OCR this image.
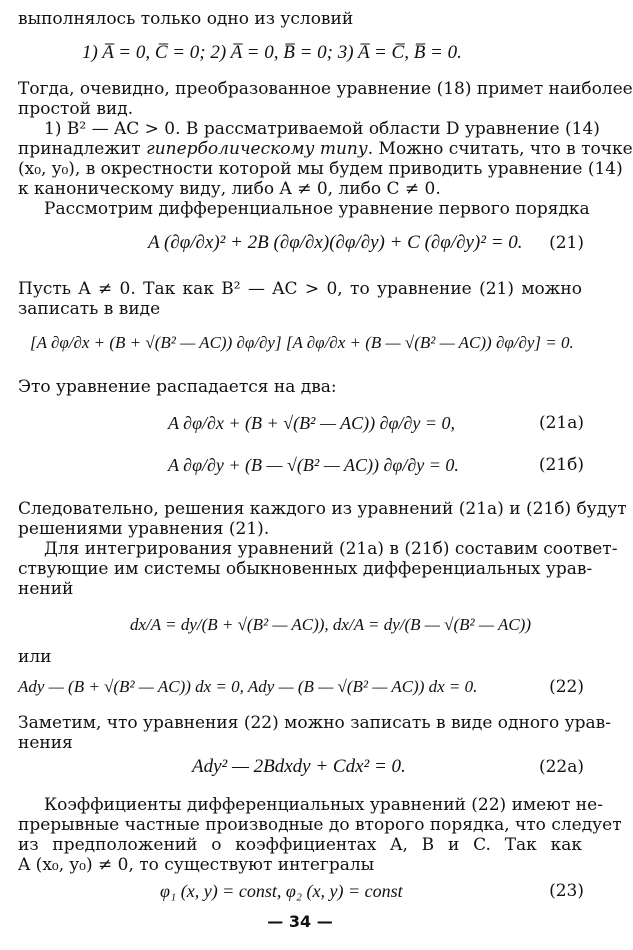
выполнялось только одно из условий
1) A̅ = 0, C̅ = 0; 2) A̅ = 0, B̅ = 0; 3) A̅ = C̅, B̅ = 0.
Тогда, очевидно, преобразованное уравнение (18) примет наиболее
простой вид.
1) B² — AC > 0. В рассматриваемой области D уравнение (14)
принадлежит гиперболическому типу. Можно считать, что в точке
(x₀, y₀), в окрестности которой мы будем приводить уравнение (14)
к каноническому виду, либо A ≠ 0, либо C ≠ 0.
Рассмотрим дифференциальное уравнение первого порядка
A (∂φ/∂x)² + 2B (∂φ/∂x)(∂φ/∂y) + C (∂φ/∂y)² = 0. (21)
Пусть A ≠ 0. Так как B² — AC > 0, то уравнение (21) можно
записать в виде
[A ∂φ/∂x + (B + √(B² — AC)) ∂φ/∂y] [A ∂φ/∂x + (B — √(B² — AC)) ∂φ/∂y] = 0.
Это уравнение распадается на два:
A ∂φ/∂x + (B + √(B² — AC)) ∂φ/∂y = 0,	(21а)
A ∂φ/∂y + (B — √(B² — AC)) ∂φ/∂y = 0.	(21б)
Следовательно, решения каждого из уравнений (21а) и (21б) будут
решениями уравнения (21).
Для интегрирования уравнений (21а) в (21б) составим соответ-
ствующие им системы обыкновенных дифференциальных урав-
нений
dx/A = dy/(B + √(B² — AC)), dx/A = dy/(B — √(B² — AC))
или
Ady — (B + √(B² — AC)) dx = 0, Ady — (B — √(B² — AC)) dx = 0.	(22)
Заметим, что уравнения (22) можно записать в виде одного урав-
нения
Ady² — 2Bdxdy + Cdx² = 0.	(22а)
Коэффициенты дифференциальных уравнений (22) имеют не-
прерывные частные производные до второго порядка, что следует
из предположений о коэффициентах A, B и C. Так как
A (x₀, y₀) ≠ 0, то существуют интегралы
φ₁ (x, y) = const, φ₂ (x, y) = const	(23)
— 34 —
